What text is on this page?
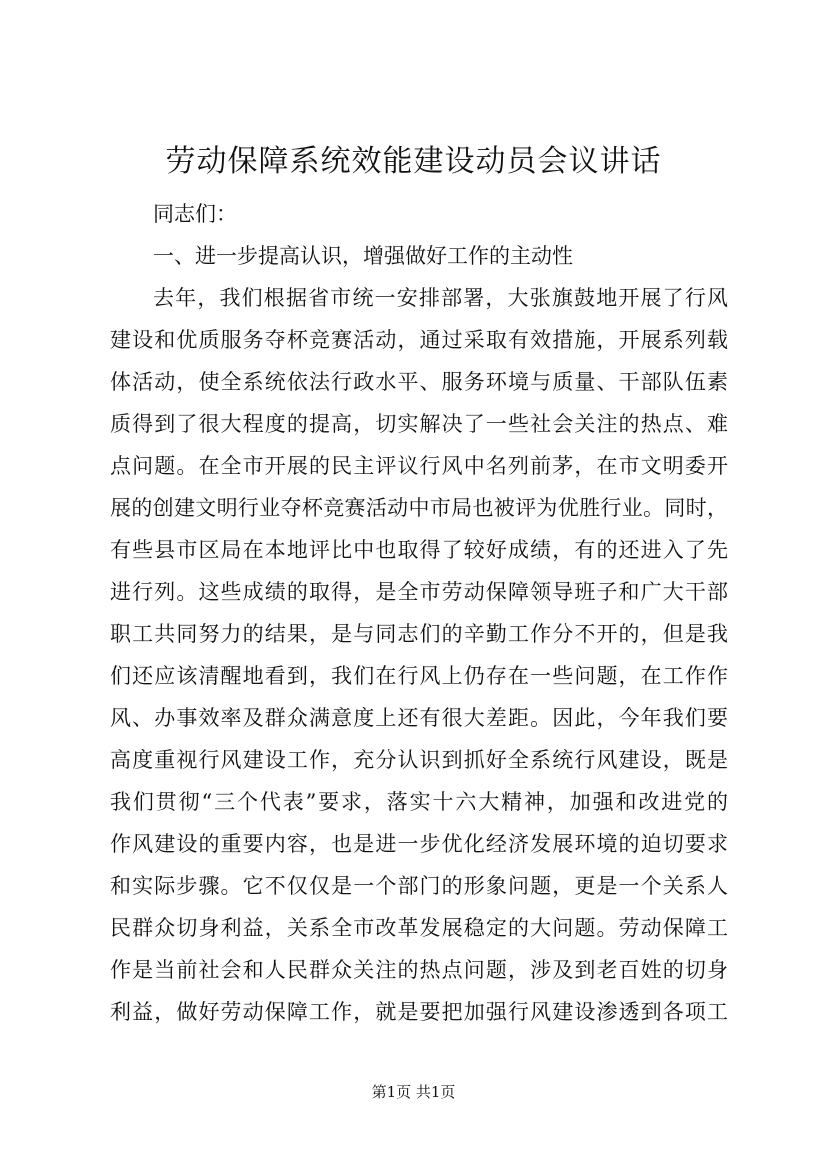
劳动保障系统效能建设动员会议讲话
同志们：
一、进一步提高认识，增强做好工作的主动性
去年，我们根据省市统一安排部署，大张旗鼓地开展了行风
建设和优质服务夺杯竞赛活动，通过采取有效措施，开展系列载
体活动，使全系统依法行政水平、服务环境与质量、干部队伍素
质得到了很大程度的提高，切实解决了一些社会关注的热点、难
点问题。在全市开展的民主评议行风中名列前茅，在市文明委开
展的创建文明行业夺杯竞赛活动中市局也被评为优胜行业。同时，
有些县市区局在本地评比中也取得了较好成绩，有的还进入了先
进行列。这些成绩的取得，是全市劳动保障领导班子和广大干部
职工共同努力的结果，是与同志们的辛勤工作分不开的，但是我
们还应该清醒地看到，我们在行风上仍存在一些问题，在工作作
风、办事效率及群众满意度上还有很大差距。因此，今年我们要
高度重视行风建设工作，充分认识到抓好全系统行风建设，既是
我们贯彻“三个代表”要求，落实十六大精神，加强和改进党的
作风建设的重要内容，也是进一步优化经济发展环境的迫切要求
和实际步骤。它不仅仅是一个部门的形象问题，更是一个关系人
民群众切身利益，关系全市改革发展稳定的大问题。劳动保障工
作是当前社会和人民群众关注的热点问题，涉及到老百姓的切身
利益，做好劳动保障工作，就是要把加强行风建设渗透到各项工
第1页 共1页
